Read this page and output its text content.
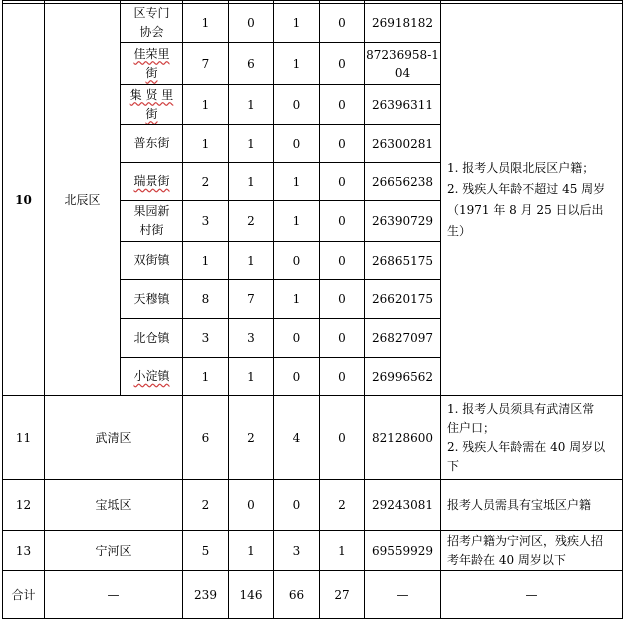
10	北辰区	区专门
协会	1	0	1	0	26918182	1. 报考人员限北辰区户籍；
2. 残疾人年龄不超过 45 周岁
（1971 年 8 月 25 日以后出生）

		佳荣里
街	7	6	1	0	87236958-1
04	

		集 贤 里
街	1	1	0	0	26396311	

		普东街	1	1	0	0	26300281	

		瑞景街	2	1	1	0	26656238	

		果园新
村街	3	2	1	0	26390729	

		双街镇	1	1	0	0	26865175	

		天穆镇	8	7	1	0	26620175	

		北仓镇	3	3	0	0	26827097	

		小淀镇	1	1	0	0	26996562	

11	武清区		6	2	4	0	82128600	1. 报考人员须具有武清区常
住户口；
2. 残疾人年龄需在 40 周岁以
下

12	宝坻区		2	0	0	2	29243081	报考人员需具有宝坻区户籍

13	宁河区		5	1	3	1	69559929	招考户籍为宁河区，残疾人招
考年龄在 40 周岁以下

合计	—		239	146	66	27	—	—
